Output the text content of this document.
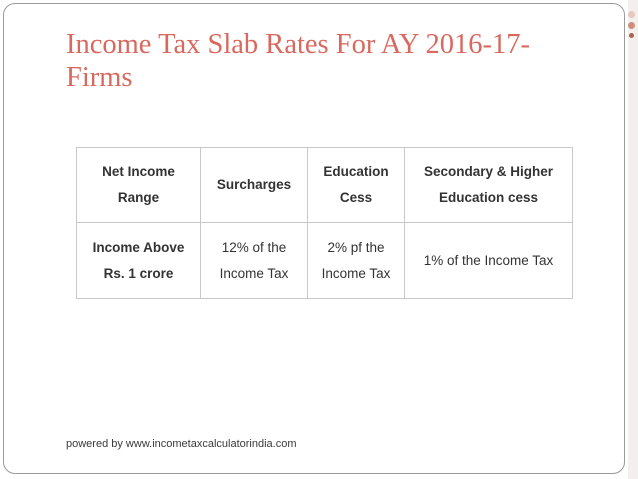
Income Tax Slab Rates For AY 2016-17-Firms
Net Income Range	Surcharges	Education Cess	Secondary & Higher Education cess
Income Above Rs. 1 crore	12% of the Income Tax	2% pf the Income Tax	1% of the Income Tax

powered by www.incometaxcalculatorindia.com
